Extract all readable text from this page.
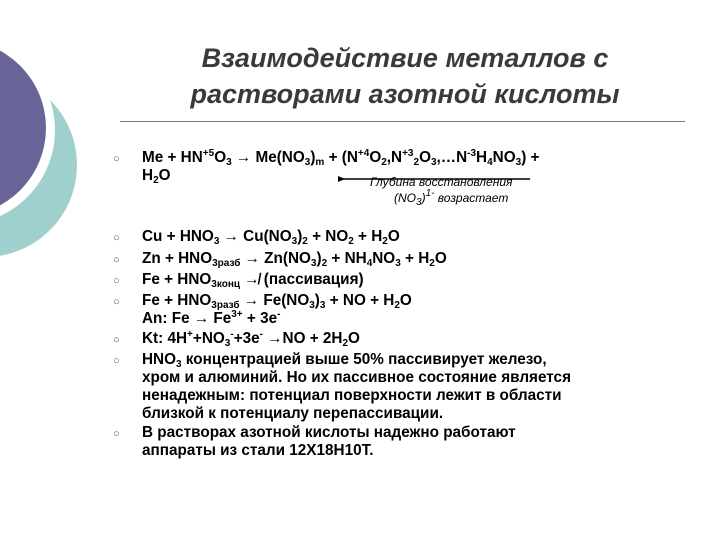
Взаимодействие металлов с растворами азотной кислоты
○ $Me + HN^{+5}O_3 \to Me(NO_3)_m$ + $(N^{+4}O_2,N^{+3}_2O_3,\dots N^{-3}H_4NO_3)$ +
$H_2O$	Глубина восстановления
$(NO_3)^{1-}$ возрастает
○ $Cu + HNO_3 \to Cu(NO_3)_2 + NO_2 + H_2O$
○ $Zn + HNO_{3разб} \to Zn(NO_3)_2 + NH_4NO_3 + H_2O$
○ $Fe + HNO_{3конц}$ ↛ (пассивация)
○ $Fe + HNO_{3разб} \to Fe(NO_3)_3$ + NO + $H_2O$
An: $Fe \to Fe^{3+} + 3e^-$
○ Kt: $4H^++NO_3^-+3e^- \to NO + 2H_2O$
○ $HNO_3$ концентрацией выше 50% пассивирует железо,
хром и алюминий. Но их пассивное состояние является
ненадежным: потенциал поверхности лежит в области
близкой к потенциалу перепассивации.
○ В растворах азотной кислоты надежно работают
аппараты из стали 12Х18Н10Т.
